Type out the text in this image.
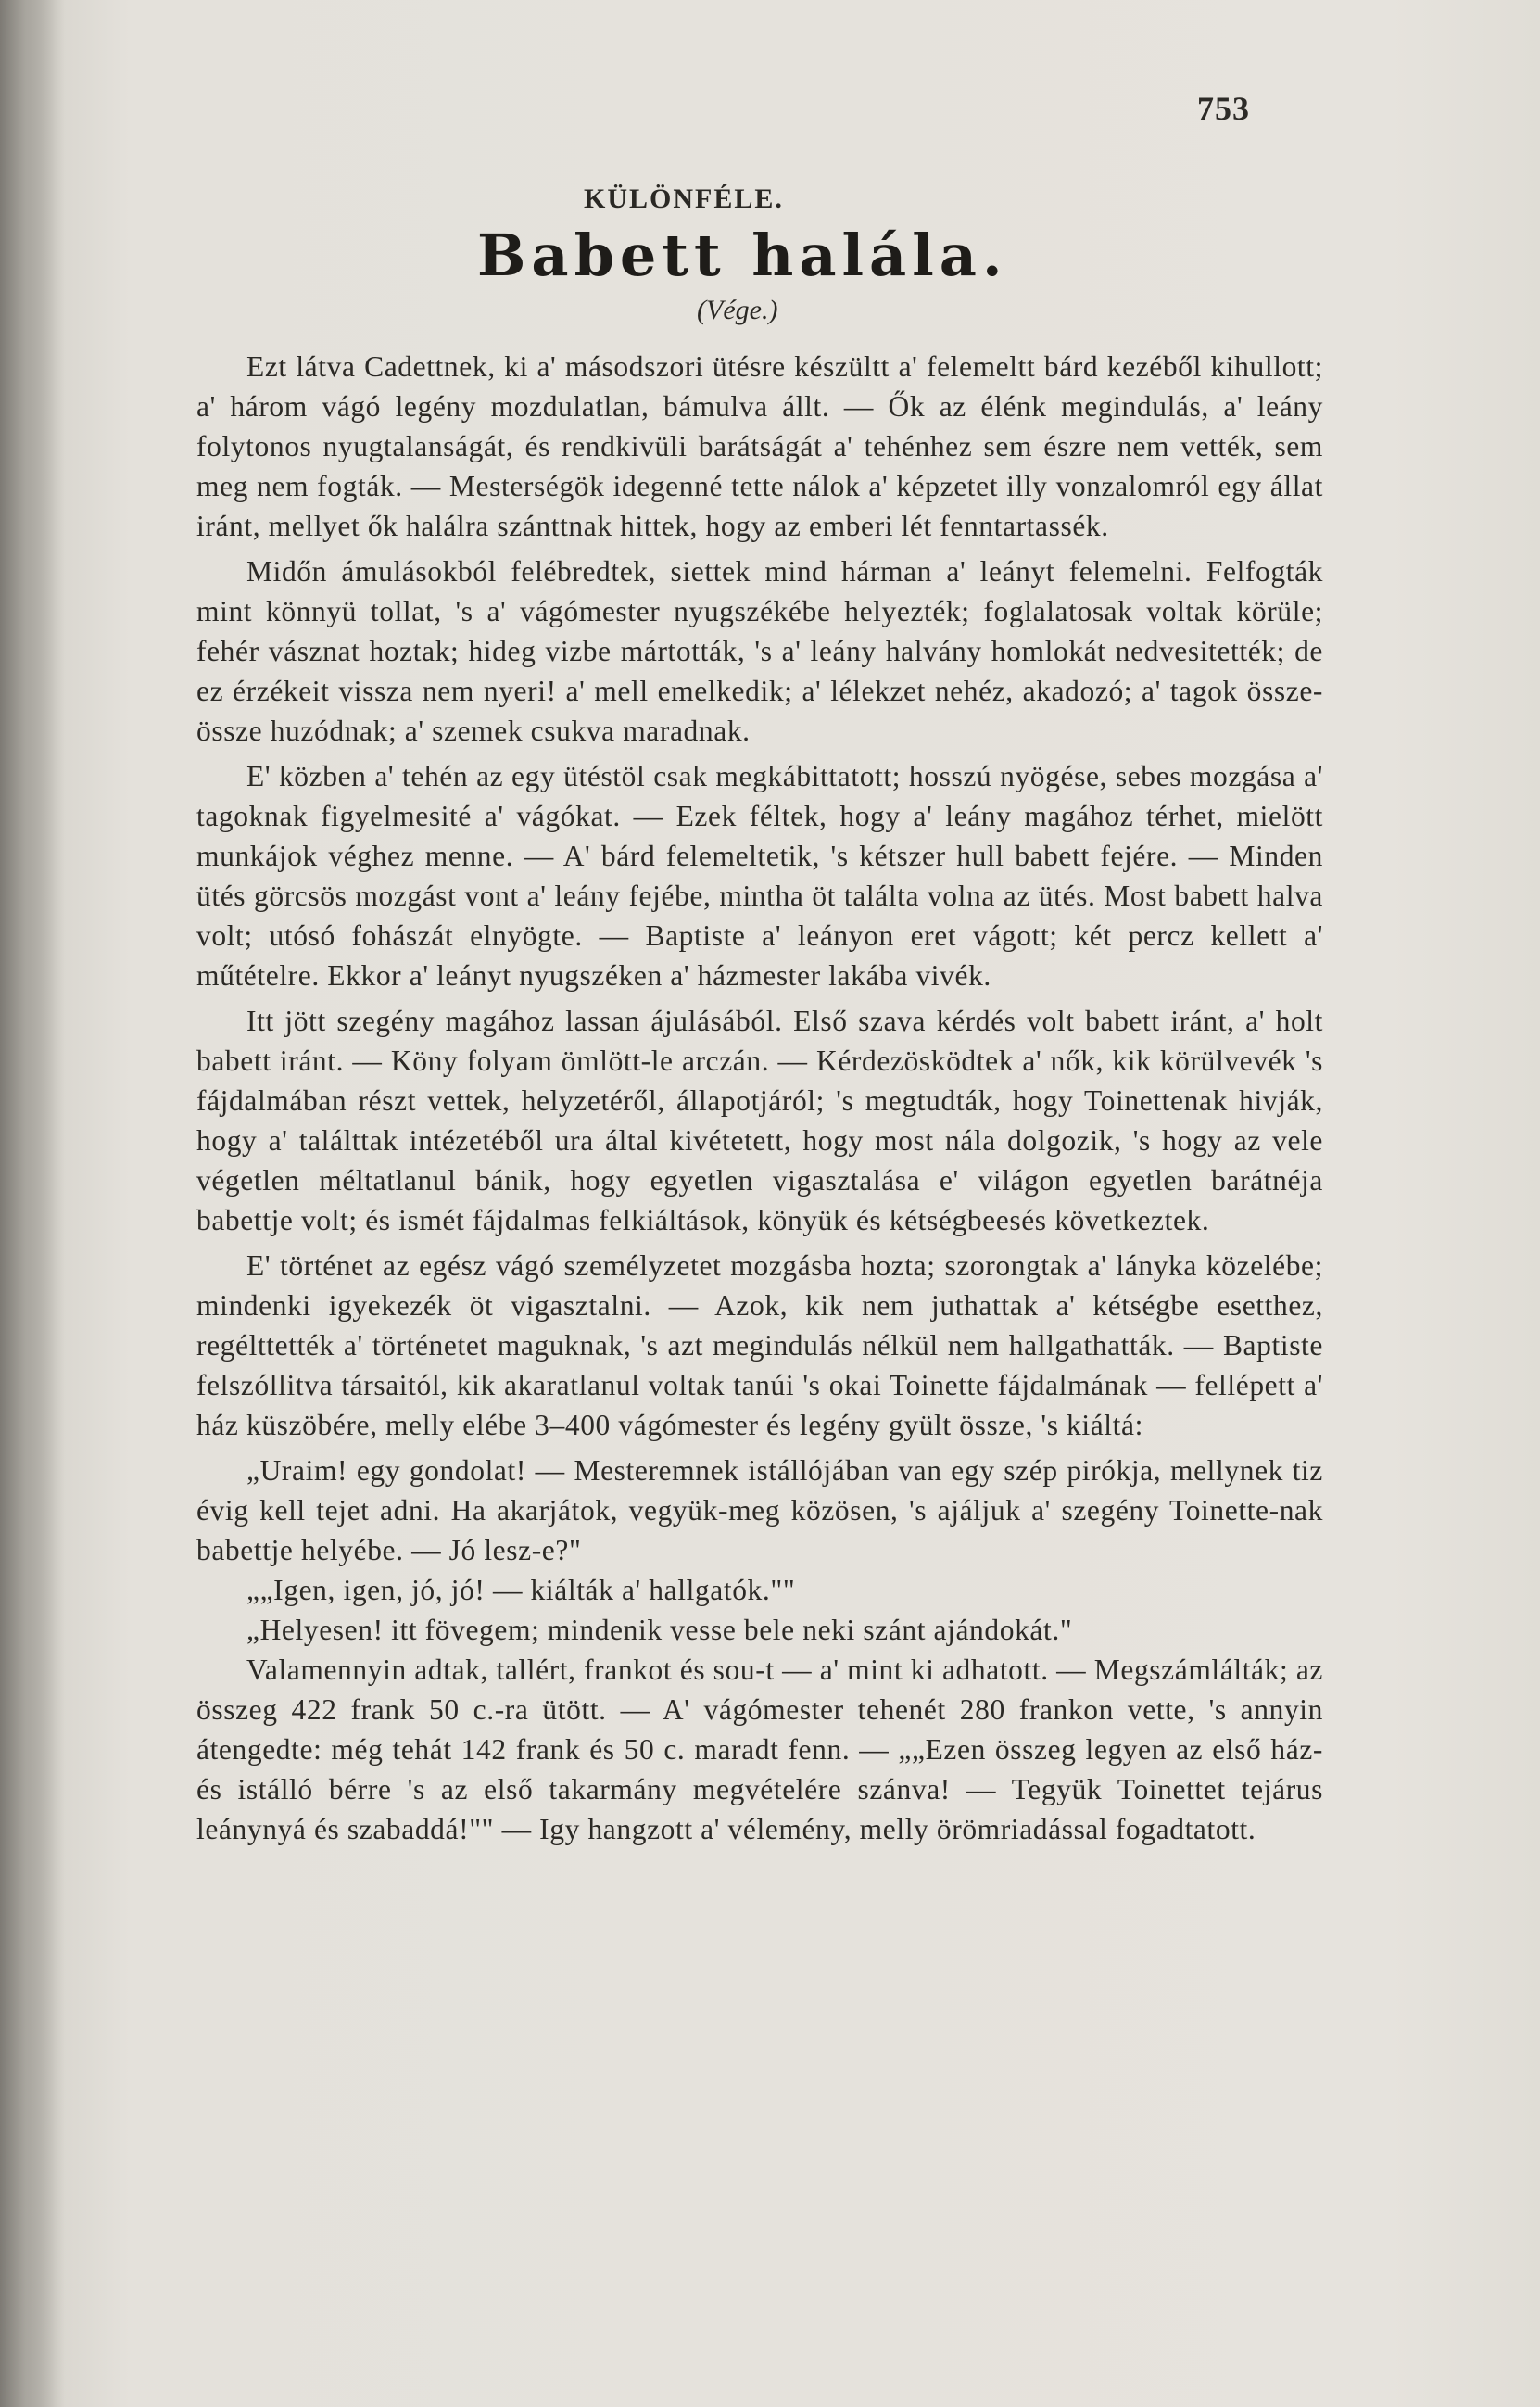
753

KÜLÖNFÉLE.

Babett halála.

(Vége.)

Ezt látva Cadettnek, ki a' másodszori ütésre készültt a' felemeltt bárd kezéből kihullott; a' három vágó legény mozdulatlan, bámulva állt. — Ők az élénk megindulás, a' leány folytonos nyugtalanságát, és rendkivüli barátságát a' tehénhez sem észre nem vették, sem meg nem fogták. — Mesterségök idegenné tette nálok a' képzetet illy vonzalomról egy állat iránt, mellyet ők halálra szánttnak hittek, hogy az emberi lét fenntartassék.

Midőn ámulásokból felébredtek, siettek mind hárman a' leányt felemelni. Felfogták mint könnyü tollat, 's a' vágómester nyugszékébe helyezték; foglalatosak voltak körüle; fehér vásznat hoztak; hideg vizbe mártották, 's a' leány halvány homlokát nedvesitették; de ez érzékeit vissza nem nyeri! a' mell emelkedik; a' lélekzet nehéz, akadozó; a' tagok össze-össze huzódnak; a' szemek csukva maradnak.

E' közben a' tehén az egy ütéstöl csak megkábittatott; hosszú nyögése, sebes mozgása a' tagoknak figyelmesité a' vágókat. — Ezek féltek, hogy a' leány magához térhet, mielött munkájok véghez menne. — A' bárd felemeltetik, 's kétszer hull babett fejére. — Minden ütés görcsös mozgást vont a' leány fejébe, mintha öt találta volna az ütés. Most babett halva volt; utósó fohászát elnyögte. — Baptiste a' leányon eret vágott; két percz kellett a' műtételre. Ekkor a' leányt nyugszéken a' házmester lakába vivék.

Itt jött szegény magához lassan ájulásából. Első szava kérdés volt babett iránt, a' holt babett iránt. — Köny folyam ömlött-le arczán. — Kérdezösködtek a' nők, kik körülvevék 's fájdalmában részt vettek, helyzetéről, állapotjáról; 's megtudták, hogy Toinettenak hivják, hogy a' találttak intézetéből ura által kivétetett, hogy most nála dolgozik, 's hogy az vele végetlen méltatlanul bánik, hogy egyetlen vigasztalása e' világon egyetlen barátnéja babettje volt; és ismét fájdalmas felkiáltások, könyük és kétségbeesés következtek.

E' történet az egész vágó személyzetet mozgásba hozta; szorongtak a' lányka közelébe; mindenki igyekezék öt vigasztalni. — Azok, kik nem juthattak a' kétségbe esetthez, regélttették a' történetet maguknak, 's azt megindulás nélkül nem hallgathatták. — Baptiste felszóllitva társaitól, kik akaratlanul voltak tanúi 's okai Toinette fájdalmának — fellépett a' ház küszöbére, melly elébe 3–400 vágómester és legény gyült össze, 's kiáltá:

„Uraim! egy gondolat! — Mesteremnek istállójában van egy szép pirókja, mellynek tiz évig kell tejet adni. Ha akarjátok, vegyük-meg közösen, 's ajáljuk a' szegény Toinette-nak babettje helyébe. — Jó lesz-e?"

„„Igen, igen, jó, jó! — kiálták a' hallgatók.""

„Helyesen! itt fövegem; mindenik vesse bele neki szánt ajándokát."

Valamennyin adtak, tallért, frankot és sou-t — a' mint ki adhatott. — Megszámlálták; az összeg 422 frank 50 c.-ra ütött. — A' vágómester tehenét 280 frankon vette, 's annyin átengedte: még tehát 142 frank és 50 c. maradt fenn. — „„Ezen összeg legyen az első ház- és istálló bérre 's az első takarmány megvételére szánva! — Tegyük Toinettet tejárus leánynyá és szabaddá!"" — Igy hangzott a' vélemény, melly örömriadással fogadtatott.
